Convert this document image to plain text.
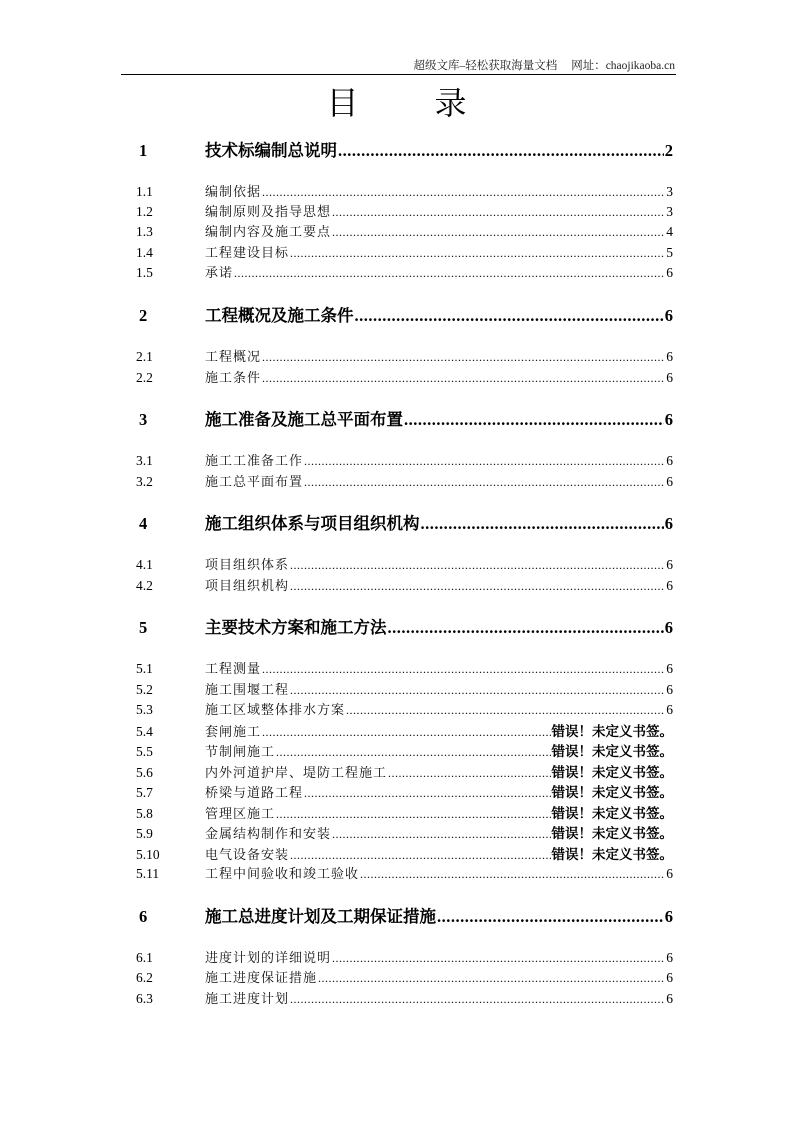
超级文库–轻松获取海量文档 网址：chaojikaoba.cn
目 录
1	技术标编制总说明 .....	2
1.1	编制依据 .....	3
1.2	编制原则及指导思想 .....	3
1.3	编制内容及施工要点 .....	4
1.4	工程建设目标 .....	5
1.5	承诺 .....	6
2	工程概况及施工条件 .....	6
2.1	工程概况 .....	6
2.2	施工条件 .....	6
3	施工准备及施工总平面布置 .....	6
3.1	施工工准备工作 .....	6
3.2	施工总平面布置 .....	6
4	施工组织体系与项目组织机构 .....	6
4.1	项目组织体系 .....	6
4.2	项目组织机构 .....	6
5	主要技术方案和施工方法 .....	6
5.1	工程测量 .....	6
5.2	施工围堰工程 .....	6
5.3	施工区域整体排水方案 .....	6
5.4	套闸施工 .....	错误！未定义书签。
5.5	节制闸施工 .....	错误！未定义书签。
5.6	内外河道护岸、堤防工程施工 .....	错误！未定义书签。
5.7	桥梁与道路工程 .....	错误！未定义书签。
5.8	管理区施工 .....	错误！未定义书签。
5.9	金属结构制作和安装 .....	错误！未定义书签。
5.10	电气设备安装 .....	错误！未定义书签。
5.11	工程中间验收和竣工验收 .....	6
6	施工总进度计划及工期保证措施 .....	6
6.1	进度计划的详细说明 .....	6
6.2	施工进度保证措施 .....	6
6.3	施工进度计划 .....	6
